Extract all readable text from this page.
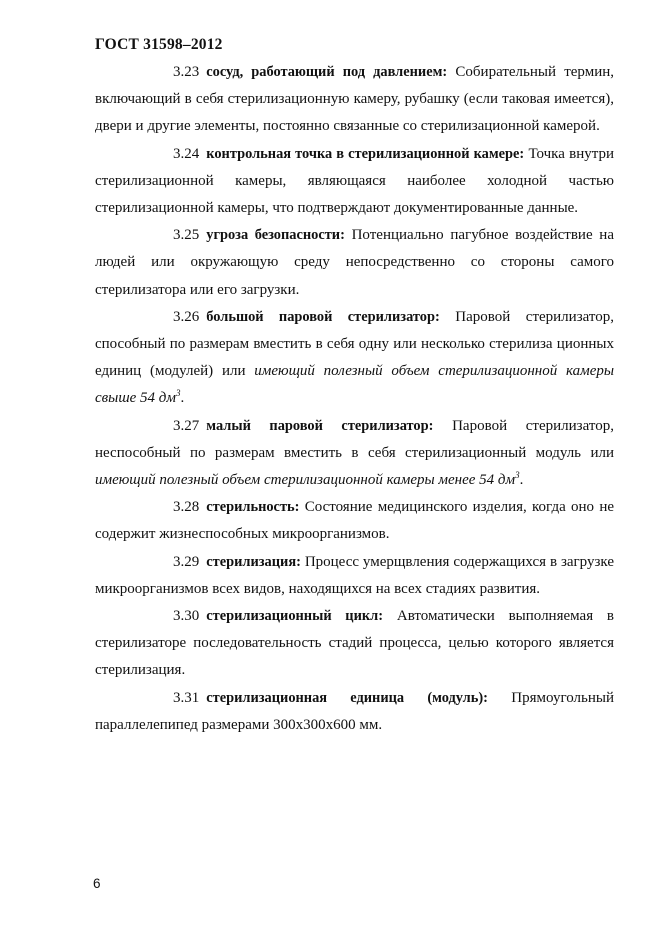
ГОСТ 31598–2012

3.23 сосуд, работающий под давлением: Собирательный термин, включающий в себя стерилизационную камеру, рубашку (если таковая имеется), двери и другие элементы, постоянно связанные со стерилизационной камерой.

3.24 контрольная точка в стерилизационной камере: Точка внутри стерилизационной камеры, являющаяся наиболее холодной частью стерилизационной камеры, что подтверждают документированные данные.

3.25 угроза безопасности: Потенциально пагубное воздействие на людей или окружающую среду непосредственно со стороны самого стерилизатора или его загрузки.

3.26 большой паровой стерилизатор: Паровой стерилизатор, способный по размерам вместить в себя одну или несколько стерилиза ционных единиц (модулей) или имеющий полезный объем стерилизационной камеры свыше 54 $дм^3$.

3.27 малый паровой стерилизатор: Паровой стерилизатор, неспособный по размерам вместить в себя стерилизационный модуль или имеющий полезный объем стерилизационной камеры менее 54 $дм^3$.

3.28 стерильность: Состояние медицинского изделия, когда оно не содержит жизнеспособных микроорганизмов.

3.29 стерилизация: Процесс умерщвления содержащихся в загрузке микроорганизмов всех видов, находящихся на всех стадиях развития.

3.30 стерилизационный цикл: Автоматически выполняемая в стерилизаторе последовательность стадий процесса, целью которого является стерилизация.

3.31 стерилизационная единица (модуль): Прямоугольный параллелепипед размерами 300х300х600 мм.

6
